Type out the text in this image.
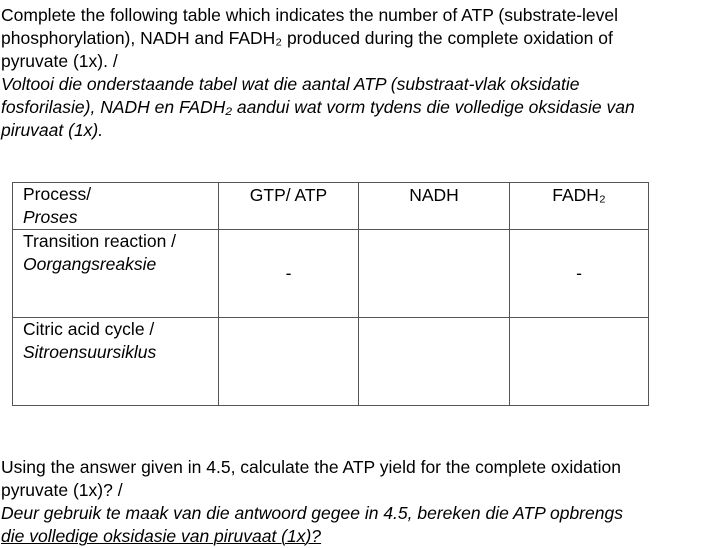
Complete the following table which indicates the number of ATP (substrate-level
phosphorylation), NADH and FADH₂ produced during the complete oxidation of
pyruvate (1x). /
Voltooi die onderstaande tabel wat die aantal ATP (substraat-vlak oksidatie
fosforilasie), NADH en FADH₂ aandui wat vorm tydens die volledige oksidasie van
piruvaat (1x).
Process/
Proses	GTP/ ATP	NADH	FADH₂

Transition reaction /
Oorgangsreaksie	-		-

Citric acid cycle /
Sitroensuursiklus			

Using the answer given in 4.5, calculate the ATP yield for the complete oxidation
pyruvate (1x)? /
Deur gebruik te maak van die antwoord gegee in 4.5, bereken die ATP opbrengs
die volledige oksidasie van piruvaat (1x)?
